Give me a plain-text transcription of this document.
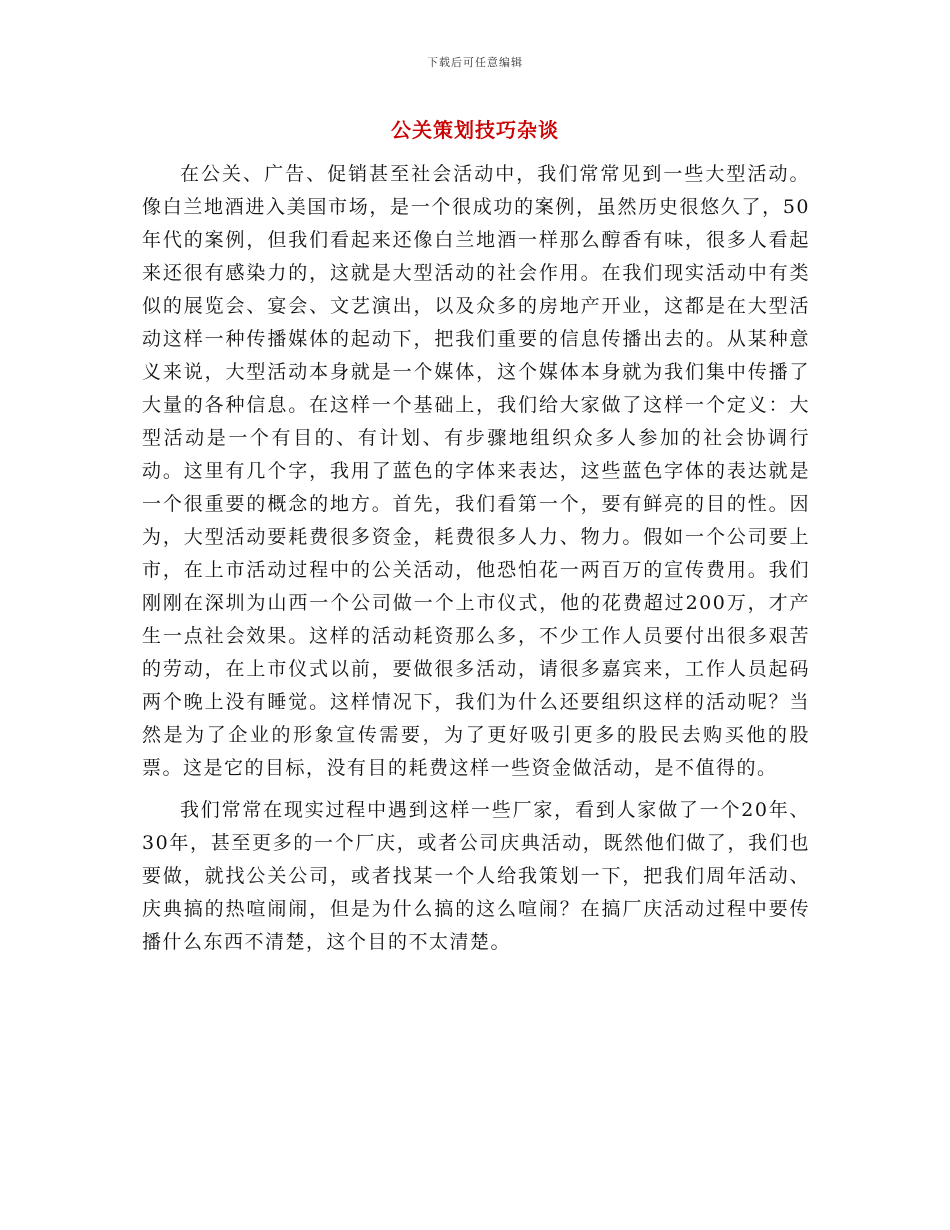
下载后可任意编辑
公关策划技巧杂谈

在公关、广告、促销甚至社会活动中，我们常常见到一些大型活动。像白兰地酒进入美国市场，是一个很成功的案例，虽然历史很悠久了，50年代的案例，但我们看起来还像白兰地酒一样那么醇香有味，很多人看起来还很有感染力的，这就是大型活动的社会作用。在我们现实活动中有类似的展览会、宴会、文艺演出，以及众多的房地产开业，这都是在大型活动这样一种传播媒体的起动下，把我们重要的信息传播出去的。从某种意义来说，大型活动本身就是一个媒体，这个媒体本身就为我们集中传播了大量的各种信息。在这样一个基础上，我们给大家做了这样一个定义：大型活动是一个有目的、有计划、有步骤地组织众多人参加的社会协调行动。这里有几个字，我用了蓝色的字体来表达，这些蓝色字体的表达就是一个很重要的概念的地方。首先，我们看第一个，要有鲜亮的目的性。因为，大型活动要耗费很多资金，耗费很多人力、物力。假如一个公司要上市，在上市活动过程中的公关活动，他恐怕花一两百万的宣传费用。我们刚刚在深圳为山西一个公司做一个上市仪式，他的花费超过200万，才产生一点社会效果。这样的活动耗资那么多，不少工作人员要付出很多艰苦的劳动，在上市仪式以前，要做很多活动，请很多嘉宾来，工作人员起码两个晚上没有睡觉。这样情况下，我们为什么还要组织这样的活动呢？当然是为了企业的形象宣传需要，为了更好吸引更多的股民去购买他的股票。这是它的目标，没有目的耗费这样一些资金做活动，是不值得的。

我们常常在现实过程中遇到这样一些厂家，看到人家做了一个20年、30年，甚至更多的一个厂庆，或者公司庆典活动，既然他们做了，我们也要做，就找公关公司，或者找某一个人给我策划一下，把我们周年活动、庆典搞的热喧闹闹，但是为什么搞的这么喧闹？在搞厂庆活动过程中要传播什么东西不清楚，这个目的不太清楚。
